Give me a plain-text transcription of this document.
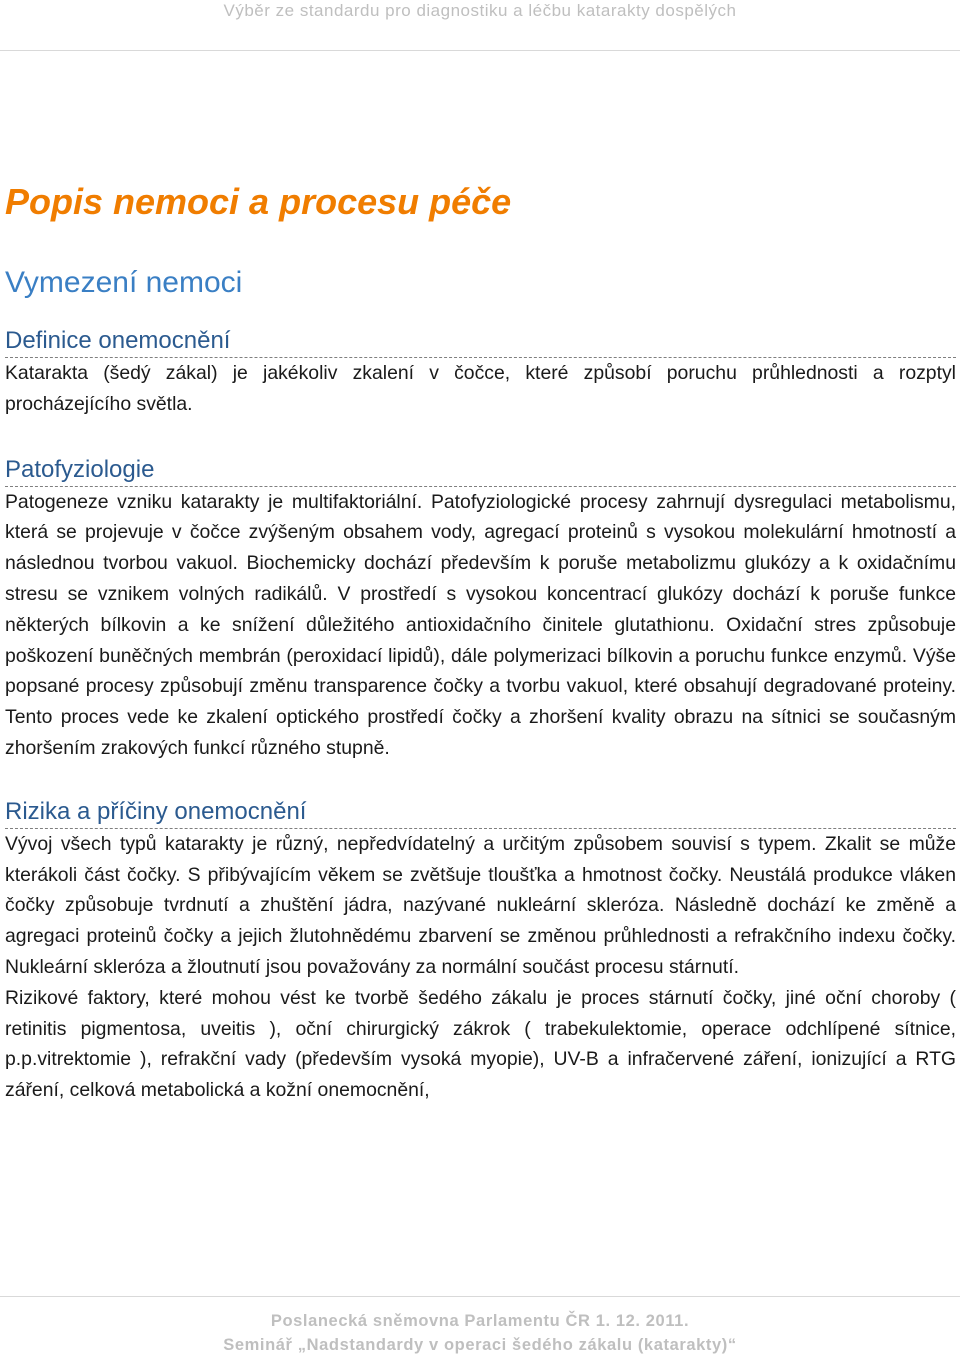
Výběr ze standardu pro diagnostiku a léčbu katarakty dospělých
Popis nemoci a procesu péče
Vymezení nemoci
Definice onemocnění

Katarakta (šedý zákal) je jakékoliv zkalení v čočce, které způsobí poruchu průhlednosti a rozptyl procházejícího světla.

Patofyziologie

Patogeneze vzniku katarakty je multifaktoriální. Patofyziologické procesy zahrnují dysregulaci metabolismu, která se projevuje v čočce zvýšeným obsahem vody, agregací proteinů s vysokou molekulární hmotností a následnou tvorbou vakuol. Biochemicky dochází především k poruše metabolizmu glukózy a k oxidačnímu stresu se vznikem volných radikálů. V prostředí s vysokou koncentrací glukózy dochází k poruše funkce některých bílkovin a ke snížení důležitého antioxidačního činitele glutathionu. Oxidační stres způsobuje poškození buněčných membrán (peroxidací lipidů), dále polymerizaci bílkovin a poruchu funkce enzymů. Výše popsané procesy způsobují změnu transparence čočky a tvorbu vakuol, které obsahují degradované proteiny. Tento proces vede ke zkalení optického prostředí čočky a zhoršení kvality obrazu na sítnici se současným zhoršením zrakových funkcí různého stupně.

Rizika a příčiny onemocnění

Vývoj všech typů katarakty je různý, nepředvídatelný a určitým způsobem souvisí s typem. Zkalit se může kterákoli část čočky. S přibývajícím věkem se zvětšuje tloušťka a hmotnost čočky. Neustálá produkce vláken čočky způsobuje tvrdnutí a zhuštění jádra, nazývané nukleární skleróza. Následně dochází ke změně a agregaci proteinů čočky a jejich žlutohnědému zbarvení se změnou průhlednosti a refrakčního indexu čočky. Nukleární skleróza a žloutnutí jsou považovány za normální součást procesu stárnutí.

Rizikové faktory, které mohou vést ke tvorbě šedého zákalu je proces stárnutí čočky, jiné oční choroby ( retinitis pigmentosa, uveitis ), oční chirurgický zákrok ( trabekulektomie, operace odchlípené sítnice, p.p.vitrektomie ), refrakční vady (především vysoká myopie), UV-B a infračervené záření, ionizující a RTG záření, celková metabolická a kožní onemocnění,

Poslanecká sněmovna Parlamentu ČR 1. 12. 2011.
Seminář „Nadstandardy v operaci šedého zákalu (katarakty)“
